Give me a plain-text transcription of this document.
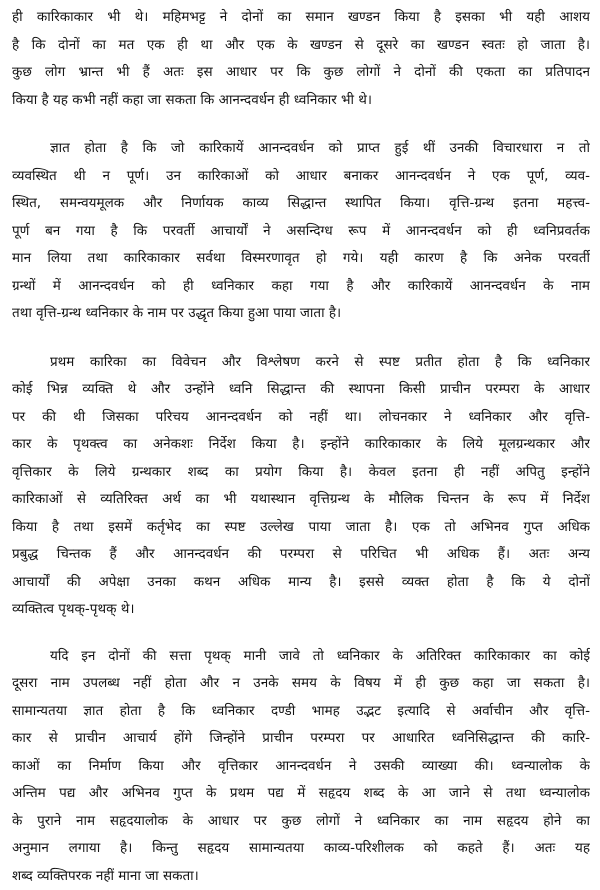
ही कारिकाकार भी थे। महिमभट्ट ने दोनों का समान खण्डन किया है इसका भी यही आशय
है कि दोनों का मत एक ही था और एक के खण्डन से दूसरे का खण्डन स्वतः हो जाता है।
कुछ लोग भ्रान्त भी हैं अतः इस आधार पर कि कुछ लोगों ने दोनों की एकता का प्रतिपादन
किया है यह कभी नहीं कहा जा सकता कि आनन्दवर्धन ही ध्वनिकार भी थे।
ज्ञात होता है कि जो कारिकायें आनन्दवर्धन को प्राप्त हुई थीं उनकी विचारधारा न तो
व्यवस्थित थी न पूर्ण। उन कारिकाओं को आधार बनाकर आनन्दवर्धन ने एक पूर्ण, व्यव-
स्थित, समन्वयमूलक और निर्णायक काव्य सिद्धान्त स्थापित किया। वृत्ति-ग्रन्थ इतना महत्त्व-
पूर्ण बन गया है कि परवर्ती आचार्यों ने असन्दिग्ध रूप में आनन्दवर्धन को ही ध्वनिप्रवर्तक
मान लिया तथा कारिकाकार सर्वथा विस्मरणावृत हो गये। यही कारण है कि अनेक परवर्ती
ग्रन्थों में आनन्दवर्धन को ही ध्वनिकार कहा गया है और कारिकायें आनन्दवर्धन के नाम
तथा वृत्ति-ग्रन्थ ध्वनिकार के नाम पर उद्धृत किया हुआ पाया जाता है।
प्रथम कारिका का विवेचन और विश्लेषण करने से स्पष्ट प्रतीत होता है कि ध्वनिकार
कोई भिन्न व्यक्ति थे और उन्होंने ध्वनि सिद्धान्त की स्थापना किसी प्राचीन परम्परा के आधार
पर की थी जिसका परिचय आनन्दवर्धन को नहीं था। लोचनकार ने ध्वनिकार और वृत्ति-
कार के पृथक्त्व का अनेकशः निर्देश किया है। इन्होंने कारिकाकार के लिये मूलग्रन्थकार और
वृत्तिकार के लिये ग्रन्थकार शब्द का प्रयोग किया है। केवल इतना ही नहीं अपितु इन्होंने
कारिकाओं से व्यतिरिक्त अर्थ का भी यथास्थान वृत्तिग्रन्थ के मौलिक चिन्तन के रूप में निर्देश
किया है तथा इसमें कर्तृभेद का स्पष्ट उल्लेख पाया जाता है। एक तो अभिनव गुप्त अधिक
प्रबुद्ध चिन्तक हैं और आनन्दवर्धन की परम्परा से परिचित भी अधिक हैं। अतः अन्य
आचार्यों की अपेक्षा उनका कथन अधिक मान्य है। इससे व्यक्त होता है कि ये दोनों
व्यक्तित्व पृथक्-पृथक् थे।
यदि इन दोनों की सत्ता पृथक् मानी जावे तो ध्वनिकार के अतिरिक्त कारिकाकार का कोई
दूसरा नाम उपलब्ध नहीं होता और न उनके समय के विषय में ही कुछ कहा जा सकता है।
सामान्यतया ज्ञात होता है कि ध्वनिकार दण्डी भामह उद्भट इत्यादि से अर्वाचीन और वृत्ति-
कार से प्राचीन आचार्य होंगे जिन्होंने प्राचीन परम्परा पर आधारित ध्वनिसिद्धान्त की कारि-
काओं का निर्माण किया और वृत्तिकार आनन्दवर्धन ने उसकी व्याख्या की। ध्वन्यालोक के
अन्तिम पद्य और अभिनव गुप्त के प्रथम पद्य में सहृदय शब्द के आ जाने से तथा ध्वन्यालोक
के पुराने नाम सहृदयालोक के आधार पर कुछ लोगों ने ध्वनिकार का नाम सहृदय होने का
अनुमान लगाया है। किन्तु सहृदय सामान्यतया काव्य-परिशीलक को कहते हैं। अतः यह
शब्द व्यक्तिपरक नहीं माना जा सकता।
